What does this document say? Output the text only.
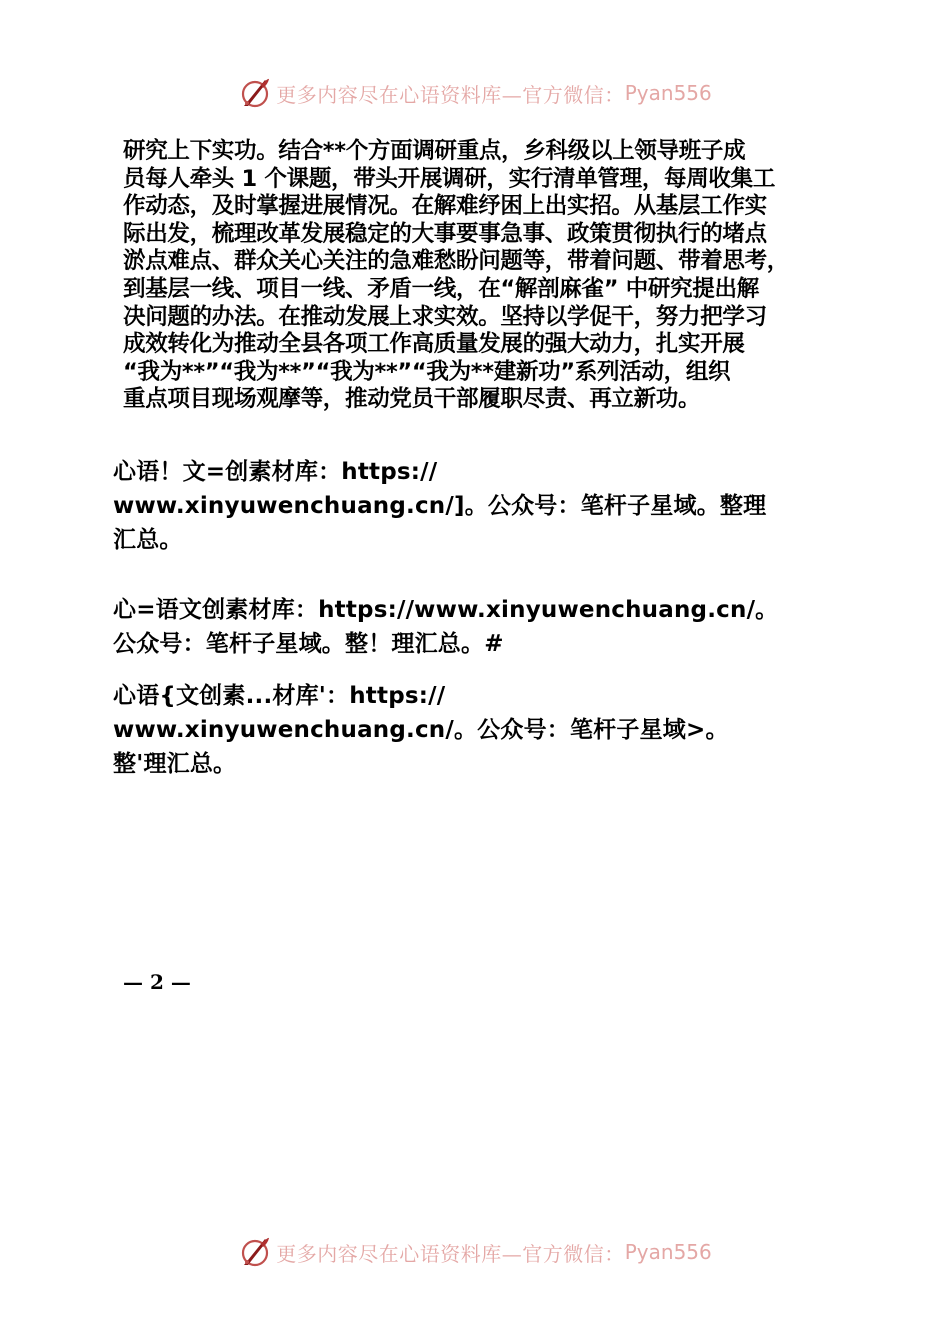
更多内容尽在心语资料库—官方微信： Pyan556
研究上下实功。结合**个方面调研重点，乡科级以上领导班子成
员每人牵头 1 个课题，带头开展调研，实行清单管理，每周收集工
作动态，及时掌握进展情况。在解难纾困上出实招。从基层工作实
际出发，梳理改革发展稳定的大事要事急事、政策贯彻执行的堵点
淤点难点、群众关心关注的急难愁盼问题等，带着问题、带着思考，
到基层一线、项目一线、矛盾一线，在“解剖麻雀” 中研究提出解
决问题的办法。在推动发展上求实效。坚持以学促干，努力把学习
成效转化为推动全县各项工作高质量发展的强大动力，扎实开展
“我为**”“我为**”“我为**”“我为**建新功”系列活动，组织
重点项目现场观摩等，推动党员干部履职尽责、再立新功。
心语！文=创素材库：https://
www.xinyuwenchuang.cn/]。公众号：笔杆子星域。整理
汇总。
心=语文创素材库：https://www.xinyuwenchuang.cn/。
公众号：笔杆子星域。整！理汇总。#
心语{文创素...材库'：https://
www.xinyuwenchuang.cn/。公众号：笔杆子星域>。
整'理汇总。
— 2 —
更多内容尽在心语资料库—官方微信： Pyan556
